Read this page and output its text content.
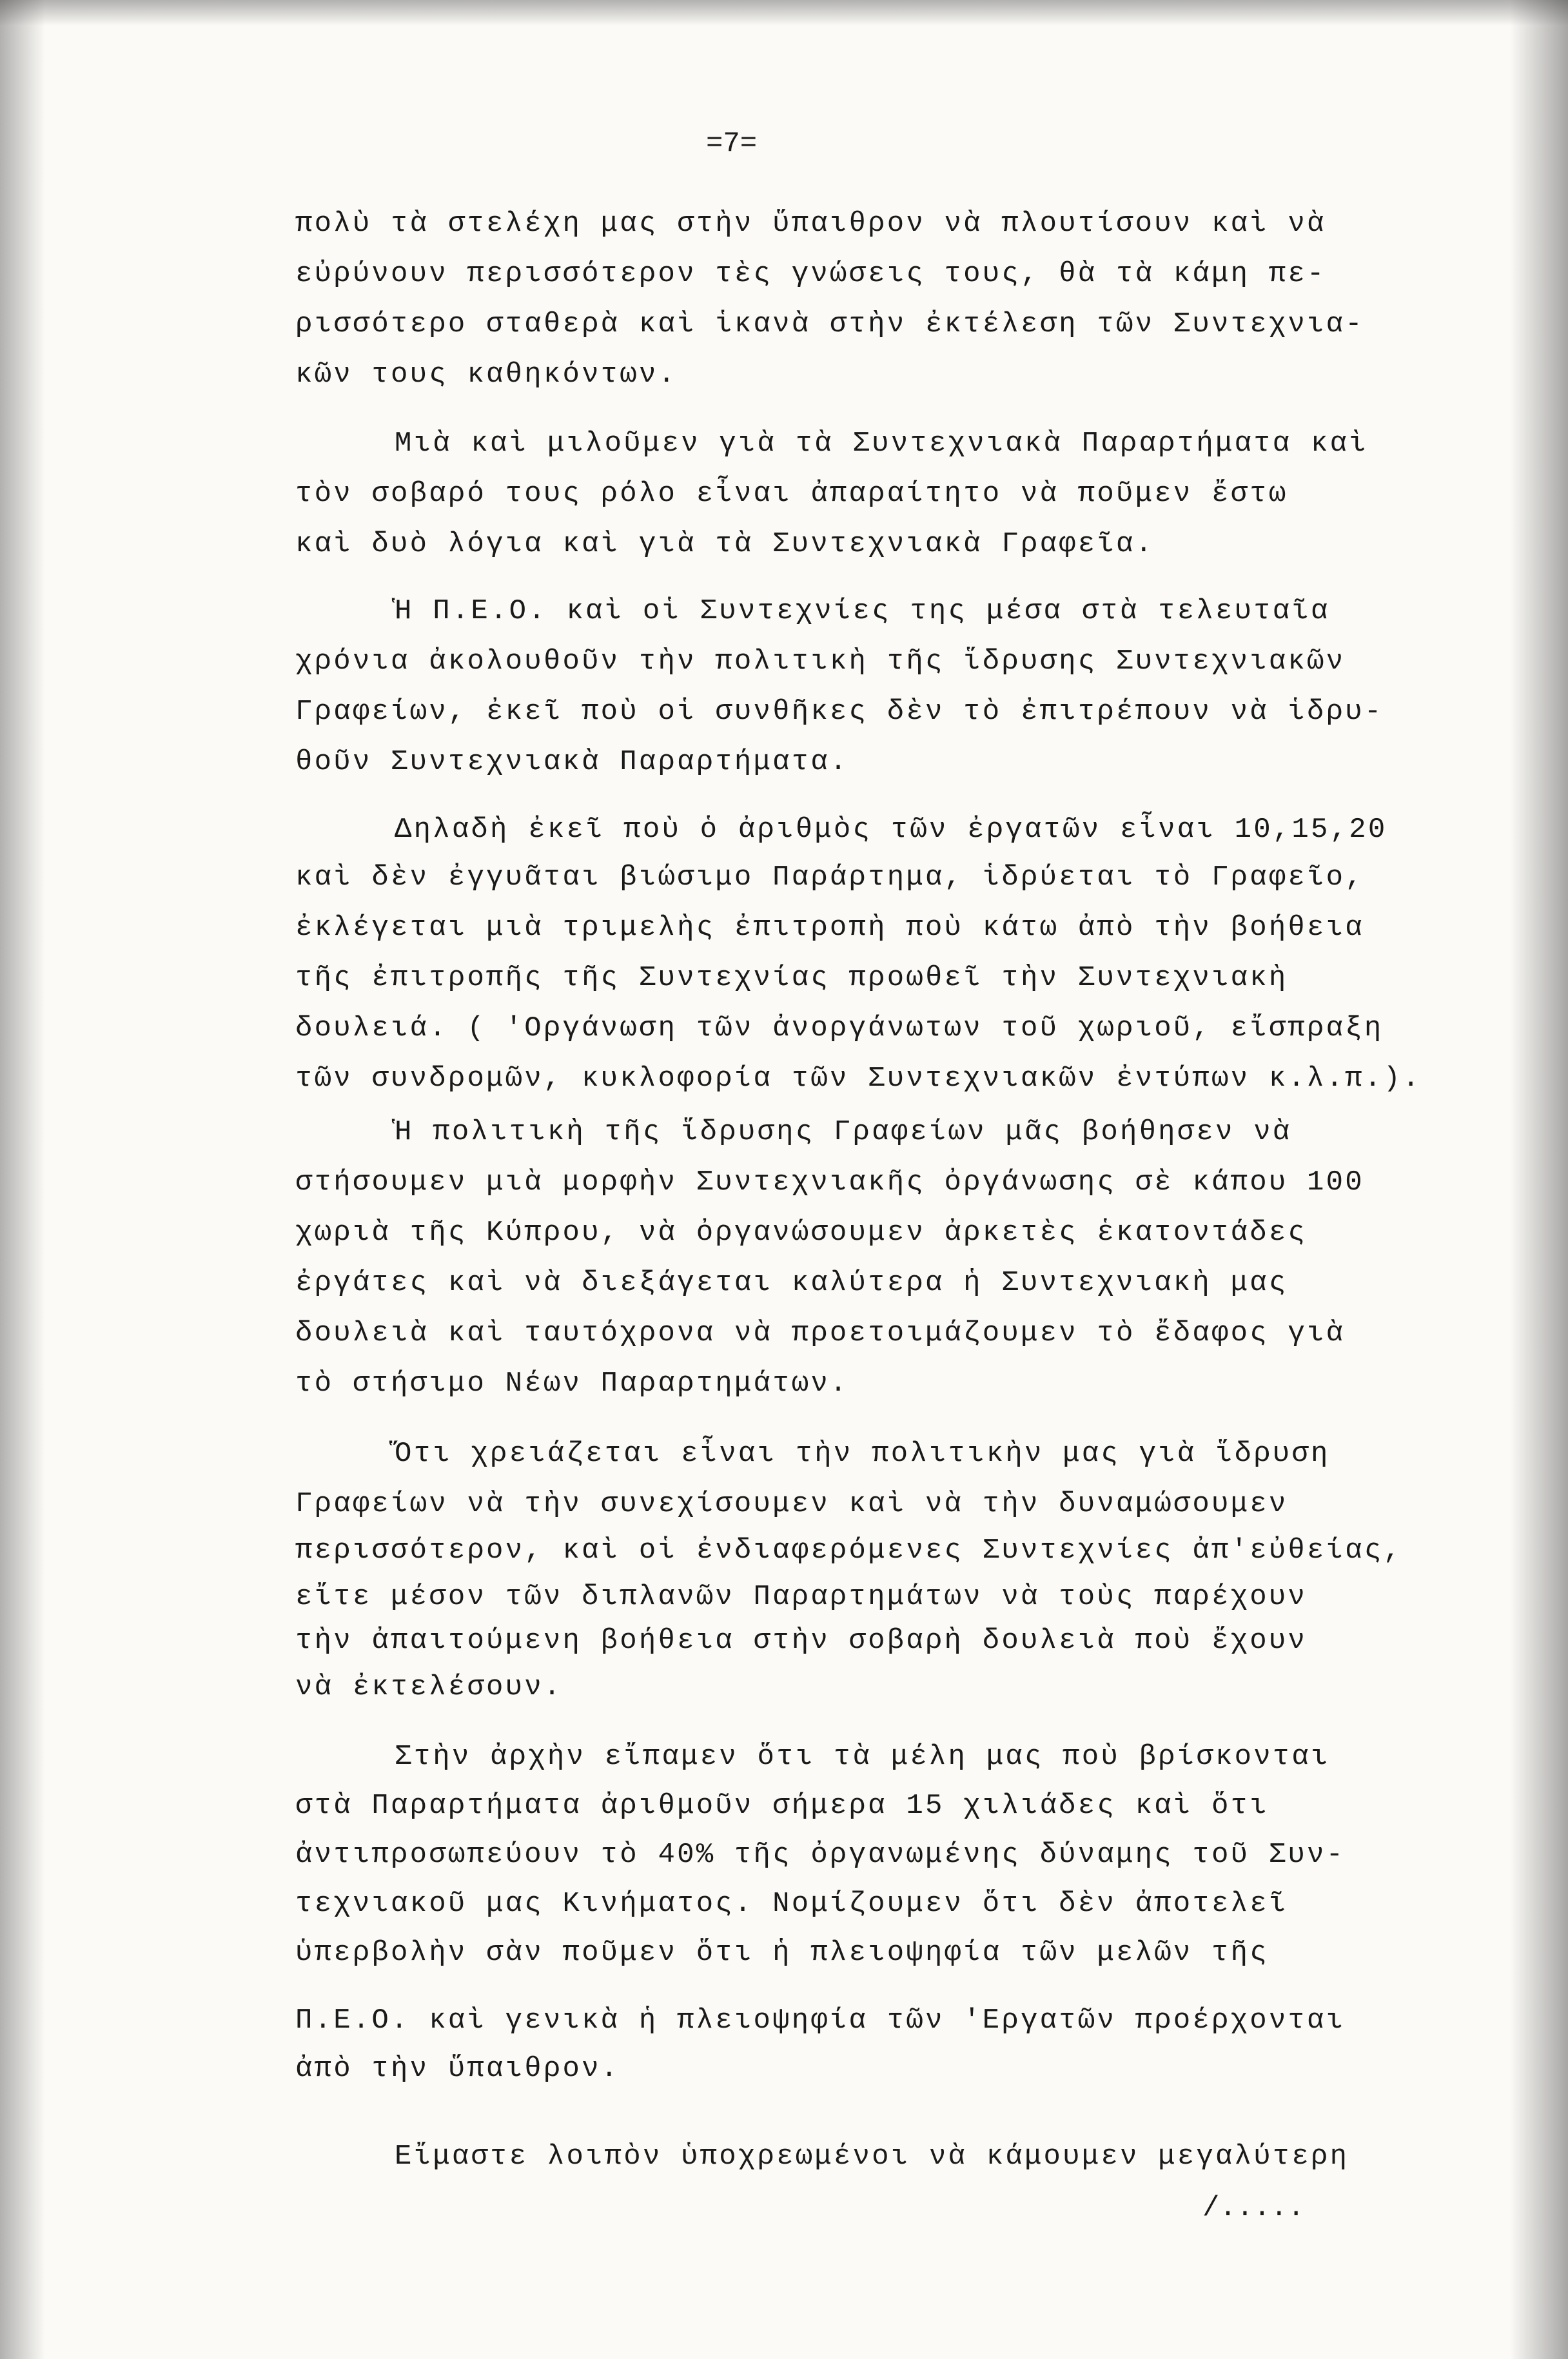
=7=
πολὺ τὰ στελέχη μας στὴν ὕπαιθρον νὰ πλουτίσουν καὶ νὰ
εὐρύνουν περισσότερον τὲς γνώσεις τους, θὰ τὰ κάμη πε-
ρισσότερο σταθερὰ καὶ ἱκανὰ στὴν ἐκτέλεση τῶν Συντεχνια-
κῶν τους καθηκόντων.
Μιὰ καὶ μιλοῦμεν γιὰ τὰ Συντεχνιακὰ Παραρτήματα καὶ
τὸν σοβαρό τους ρόλο εἶναι ἀπαραίτητο νὰ ποῦμεν ἔστω
καὶ δυὸ λόγια καὶ γιὰ τὰ Συντεχνιακὰ Γραφεῖα.
Ἡ Π.Ε.Ο. καὶ οἱ Συντεχνίες της μέσα στὰ τελευταῖα
χρόνια ἀκολουθοῦν τὴν πολιτικὴ τῆς ἵδρυσης Συντεχνιακῶν
Γραφείων, ἐκεῖ ποὺ οἱ συνθῆκες δὲν τὸ ἐπιτρέπουν νὰ ἱδρυ-
θοῦν Συντεχνιακὰ Παραρτήματα.
Δηλαδὴ ἐκεῖ ποὺ ὁ ἀριθμὸς τῶν ἐργατῶν εἶναι 10,15,20
καὶ δὲν ἐγγυᾶται βιώσιμο Παράρτημα, ἱδρύεται τὸ Γραφεῖο,
ἐκλέγεται μιὰ τριμελὴς ἐπιτροπὴ ποὺ κάτω ἀπὸ τὴν βοήθεια
τῆς ἐπιτροπῆς τῆς Συντεχνίας προωθεῖ τὴν Συντεχνιακὴ
δουλειά. ( 'Οργάνωση τῶν ἀνοργάνωτων τοῦ χωριοῦ, εἴσπραξη
τῶν συνδρομῶν, κυκλοφορία τῶν Συντεχνιακῶν ἐντύπων κ.λ.π.).
Ἡ πολιτικὴ τῆς ἵδρυσης Γραφείων μᾶς βοήθησεν νὰ
στήσουμεν μιὰ μορφὴν Συντεχνιακῆς ὀργάνωσης σὲ κάπου 100
χωριὰ τῆς Κύπρου, νὰ ὀργανώσουμεν ἀρκετὲς ἑκατοντάδες
ἐργάτες καὶ νὰ διεξάγεται καλύτερα ἡ Συντεχνιακὴ μας
δουλειὰ καὶ ταυτόχρονα νὰ προετοιμάζουμεν τὸ ἔδαφος γιὰ
τὸ στήσιμο Νέων Παραρτημάτων.
Ὅτι χρειάζεται εἶναι τὴν πολιτικὴν μας γιὰ ἵδρυση
Γραφείων νὰ τὴν συνεχίσουμεν καὶ νὰ τὴν δυναμώσουμεν
περισσότερον, καὶ οἱ ἐνδιαφερόμενες Συντεχνίες ἀπ'εὐθείας,
εἴτε μέσον τῶν διπλανῶν Παραρτημάτων νὰ τοὺς παρέχουν
τὴν ἀπαιτούμενη βοήθεια στὴν σοβαρὴ δουλειὰ ποὺ ἔχουν
νὰ ἐκτελέσουν.
Στὴν ἀρχὴν εἴπαμεν ὅτι τὰ μέλη μας ποὺ βρίσκονται
στὰ Παραρτήματα ἀριθμοῦν σήμερα 15 χιλιάδες καὶ ὅτι
ἀντιπροσωπεύουν τὸ 40% τῆς ὀργανωμένης δύναμης τοῦ Συν-
τεχνιακοῦ μας Κινήματος. Νομίζουμεν ὅτι δὲν ἀποτελεῖ
ὑπερβολὴν σὰν ποῦμεν ὅτι ἡ πλειοψηφία τῶν μελῶν τῆς
Π.Ε.Ο. καὶ γενικὰ ἡ πλειοψηφία τῶν 'Εργατῶν προέρχονται
ἀπὸ τὴν ὕπαιθρον.
Εἴμαστε λοιπὸν ὑποχρεωμένοι νὰ κάμουμεν μεγαλύτερη
/.....
